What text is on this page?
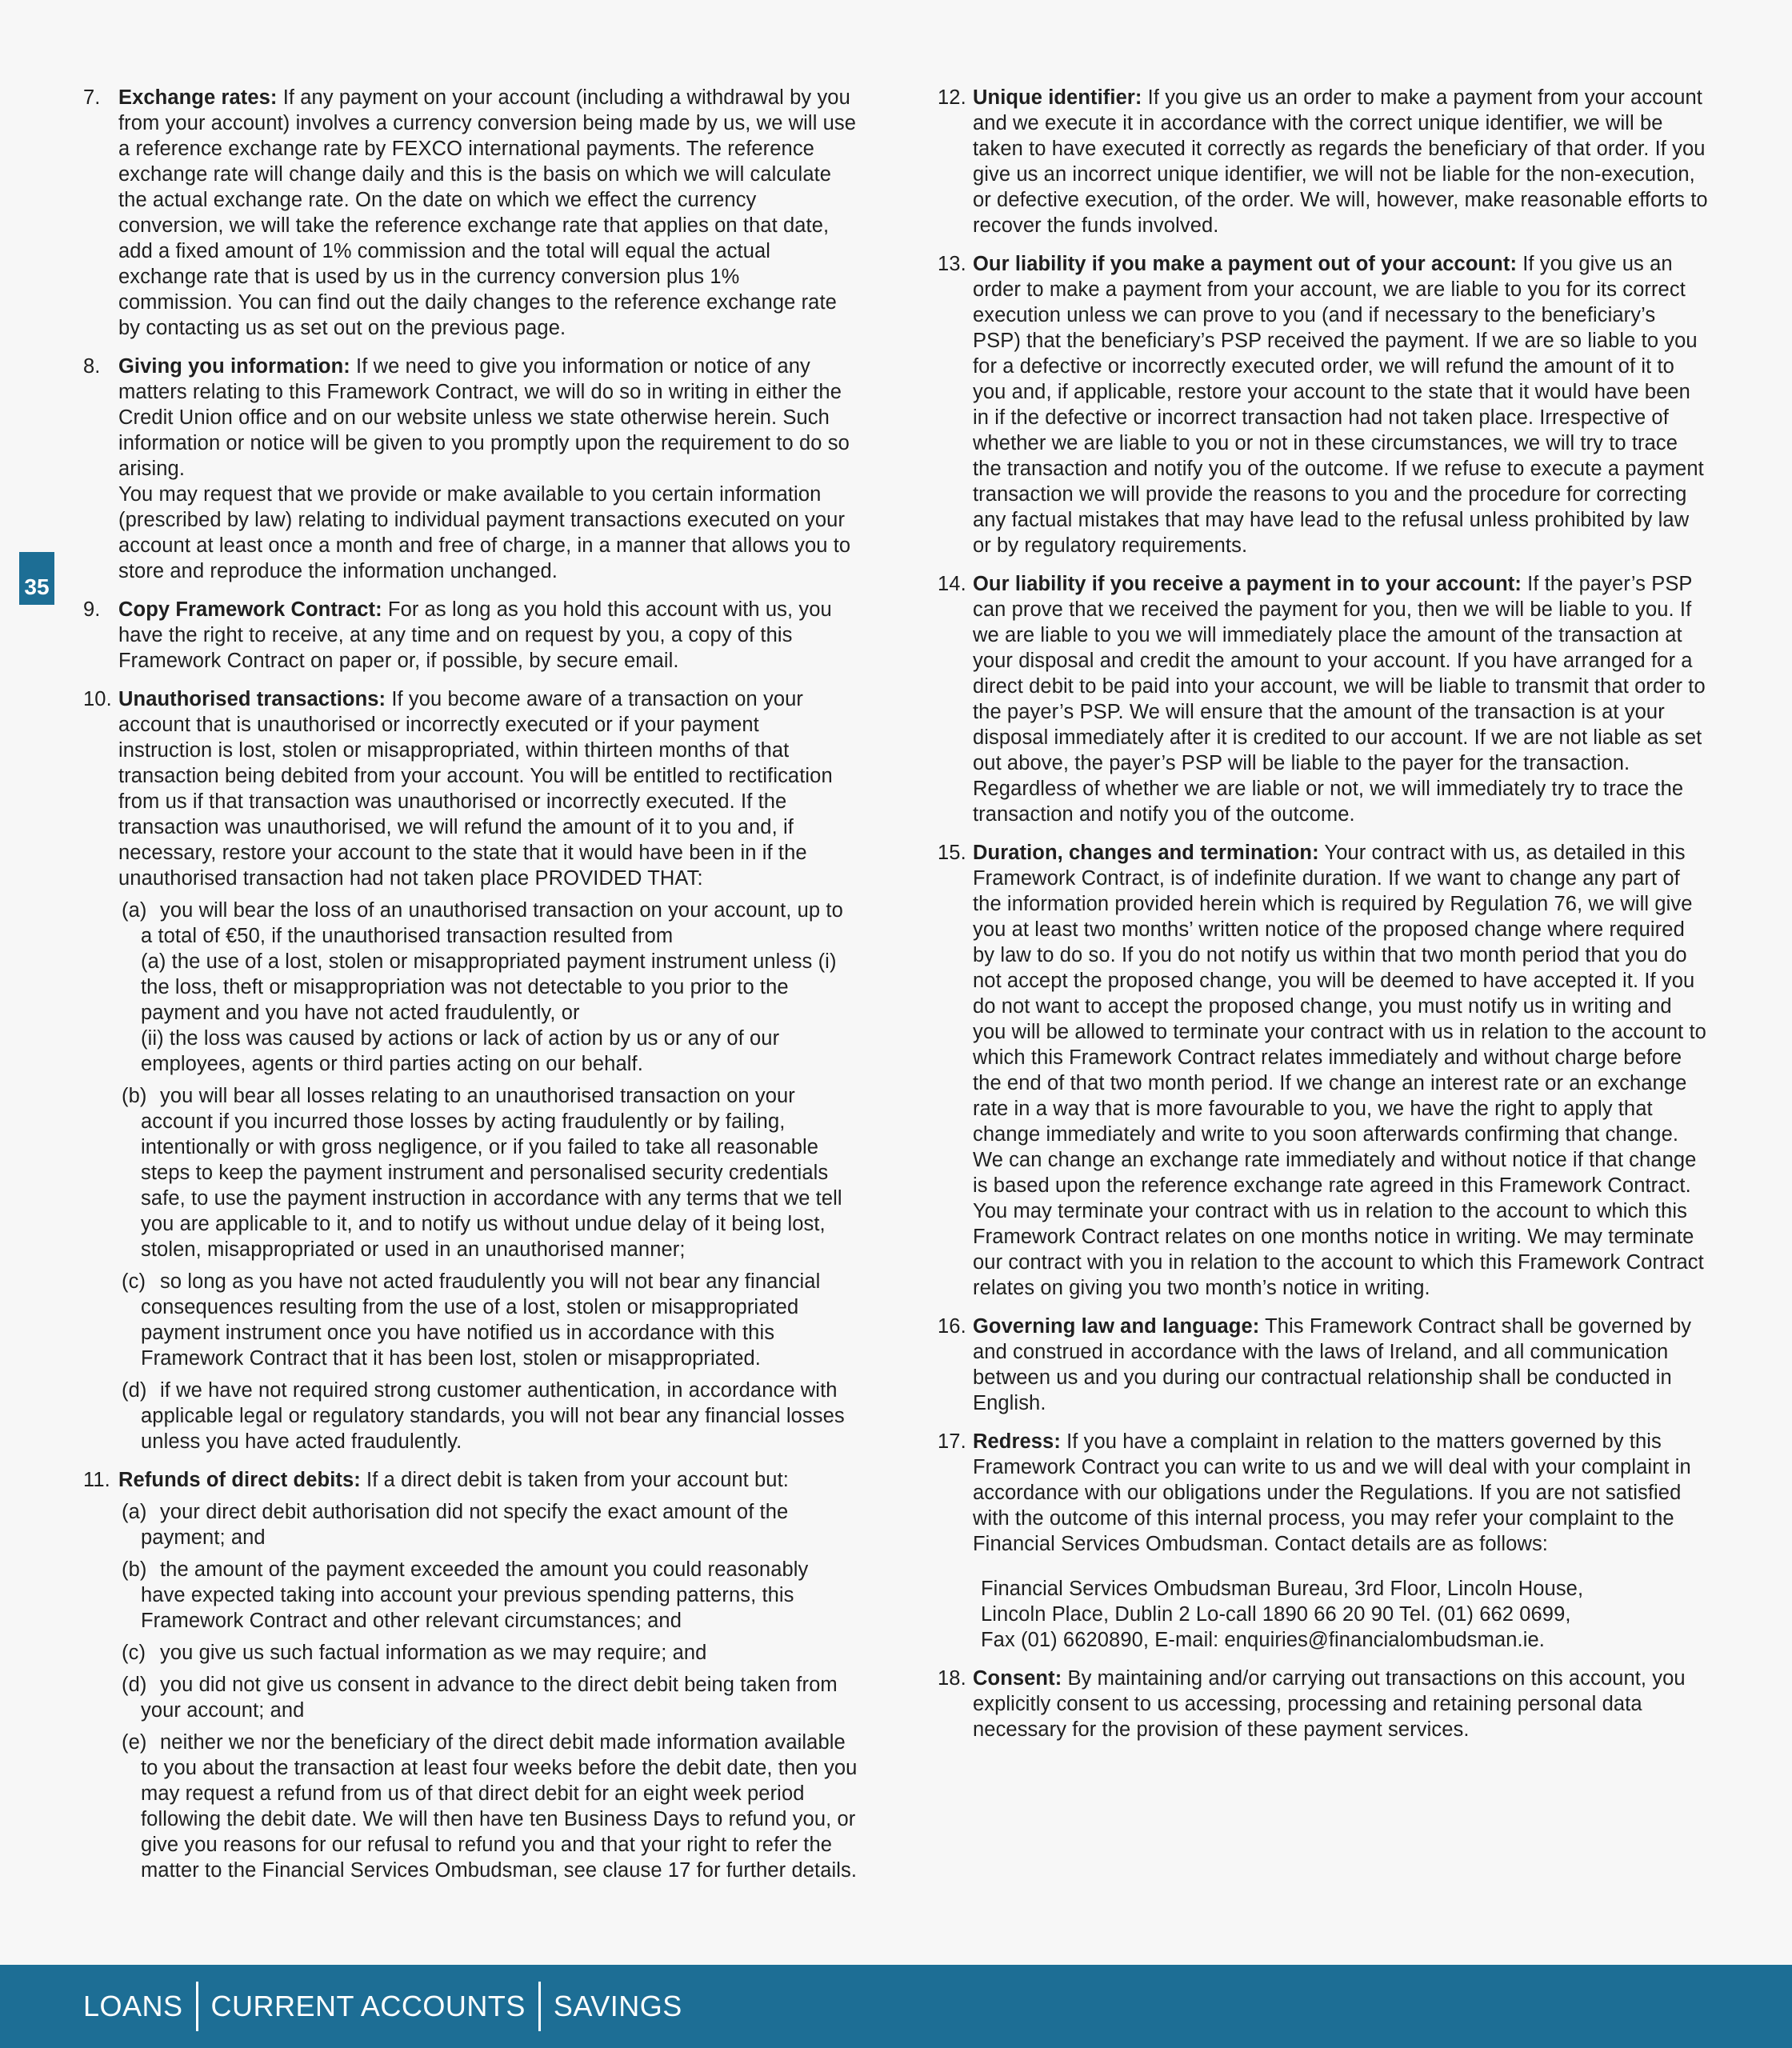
35
7. Exchange rates: If any payment on your account (including a withdrawal by you from your account) involves a currency conversion being made by us, we will use a reference exchange rate by FEXCO international payments. The reference exchange rate will change daily and this is the basis on which we will calculate the actual exchange rate. On the date on which we effect the currency conversion, we will take the reference exchange rate that applies on that date, add a fixed amount of 1% commission and the total will equal the actual exchange rate that is used by us in the currency conversion plus 1% commission. You can find out the daily changes to the reference exchange rate by contacting us as set out on the previous page.
8. Giving you information: If we need to give you information or notice of any matters relating to this Framework Contract, we will do so in writing in either the Credit Union office and on our website unless we state otherwise herein. Such information or notice will be given to you promptly upon the requirement to do so arising.
You may request that we provide or make available to you certain information (prescribed by law) relating to individual payment transactions executed on your account at least once a month and free of charge, in a manner that allows you to store and reproduce the information unchanged.
9. Copy Framework Contract: For as long as you hold this account with us, you have the right to receive, at any time and on request by you, a copy of this Framework Contract on paper or, if possible, by secure email.
10. Unauthorised transactions: If you become aware of a transaction on your account that is unauthorised or incorrectly executed or if your payment instruction is lost, stolen or misappropriated, within thirteen months of that transaction being debited from your account. You will be entitled to rectification from us if that transaction was unauthorised or incorrectly executed. If the transaction was unauthorised, we will refund the amount of it to you and, if necessary, restore your account to the state that it would have been in if the unauthorised transaction had not taken place PROVIDED THAT:
(a) you will bear the loss of an unauthorised transaction on your account, up to a total of €50, if the unauthorised transaction resulted from
(a) the use of a lost, stolen or misappropriated payment instrument unless (i) the loss, theft or misappropriation was not detectable to you prior to the payment and you have not acted fraudulently, or
(ii) the loss was caused by actions or lack of action by us or any of our employees, agents or third parties acting on our behalf.
(b) you will bear all losses relating to an unauthorised transaction on your account if you incurred those losses by acting fraudulently or by failing, intentionally or with gross negligence, or if you failed to take all reasonable steps to keep the payment instrument and personalised security credentials safe, to use the payment instruction in accordance with any terms that we tell you are applicable to it, and to notify us without undue delay of it being lost, stolen, misappropriated or used in an unauthorised manner;
(c) so long as you have not acted fraudulently you will not bear any financial consequences resulting from the use of a lost, stolen or misappropriated payment instrument once you have notified us in accordance with this Framework Contract that it has been lost, stolen or misappropriated.
(d) if we have not required strong customer authentication, in accordance with applicable legal or regulatory standards, you will not bear any financial losses unless you have acted fraudulently.
11. Refunds of direct debits: If a direct debit is taken from your account but:
(a) your direct debit authorisation did not specify the exact amount of the payment; and
(b) the amount of the payment exceeded the amount you could reasonably have expected taking into account your previous spending patterns, this Framework Contract and other relevant circumstances; and
(c) you give us such factual information as we may require; and
(d) you did not give us consent in advance to the direct debit being taken from your account; and
(e) neither we nor the beneficiary of the direct debit made information available to you about the transaction at least four weeks before the debit date, then you may request a refund from us of that direct debit for an eight week period following the debit date. We will then have ten Business Days to refund you, or give you reasons for our refusal to refund you and that your right to refer the matter to the Financial Services Ombudsman, see clause 17 for further details.
12. Unique identifier: If you give us an order to make a payment from your account and we execute it in accordance with the correct unique identifier, we will be taken to have executed it correctly as regards the beneficiary of that order. If you give us an incorrect unique identifier, we will not be liable for the non-execution, or defective execution, of the order. We will, however, make reasonable efforts to recover the funds involved.
13. Our liability if you make a payment out of your account: If you give us an order to make a payment from your account, we are liable to you for its correct execution unless we can prove to you (and if necessary to the beneficiary’s PSP) that the beneficiary’s PSP received the payment. If we are so liable to you for a defective or incorrectly executed order, we will refund the amount of it to you and, if applicable, restore your account to the state that it would have been in if the defective or incorrect transaction had not taken place. Irrespective of whether we are liable to you or not in these circumstances, we will try to trace the transaction and notify you of the outcome. If we refuse to execute a payment transaction we will provide the reasons to you and the procedure for correcting any factual mistakes that may have lead to the refusal unless prohibited by law or by regulatory requirements.
14. Our liability if you receive a payment in to your account: If the payer’s PSP can prove that we received the payment for you, then we will be liable to you. If we are liable to you we will immediately place the amount of the transaction at your disposal and credit the amount to your account. If you have arranged for a direct debit to be paid into your account, we will be liable to transmit that order to the payer’s PSP. We will ensure that the amount of the transaction is at your disposal immediately after it is credited to our account. If we are not liable as set out above, the payer’s PSP will be liable to the payer for the transaction. Regardless of whether we are liable or not, we will immediately try to trace the transaction and notify you of the outcome.
15. Duration, changes and termination: Your contract with us, as detailed in this Framework Contract, is of indefinite duration. If we want to change any part of the information provided herein which is required by Regulation 76, we will give you at least two months’ written notice of the proposed change where required by law to do so. If you do not notify us within that two month period that you do not accept the proposed change, you will be deemed to have accepted it. If you do not want to accept the proposed change, you must notify us in writing and you will be allowed to terminate your contract with us in relation to the account to which this Framework Contract relates immediately and without charge before the end of that two month period. If we change an interest rate or an exchange rate in a way that is more favourable to you, we have the right to apply that change immediately and write to you soon afterwards confirming that change. We can change an exchange rate immediately and without notice if that change is based upon the reference exchange rate agreed in this Framework Contract. You may terminate your contract with us in relation to the account to which this Framework Contract relates on one months notice in writing. We may terminate our contract with you in relation to the account to which this Framework Contract relates on giving you two month’s notice in writing.
16. Governing law and language: This Framework Contract shall be governed by and construed in accordance with the laws of Ireland, and all communication between us and you during our contractual relationship shall be conducted in English.
17. Redress: If you have a complaint in relation to the matters governed by this Framework Contract you can write to us and we will deal with your complaint in accordance with our obligations under the Regulations. If you are not satisfied with the outcome of this internal process, you may refer your complaint to the Financial Services Ombudsman. Contact details are as follows:
Financial Services Ombudsman Bureau, 3rd Floor, Lincoln House,
Lincoln Place, Dublin 2 Lo-call 1890 66 20 90 Tel. (01) 662 0699,
Fax (01) 6620890, E-mail: enquiries@financialombudsman.ie.
18. Consent: By maintaining and/or carrying out transactions on this account, you explicitly consent to us accessing, processing and retaining personal data necessary for the provision of these payment services.
LOANS CURRENT ACCOUNTS SAVINGS
